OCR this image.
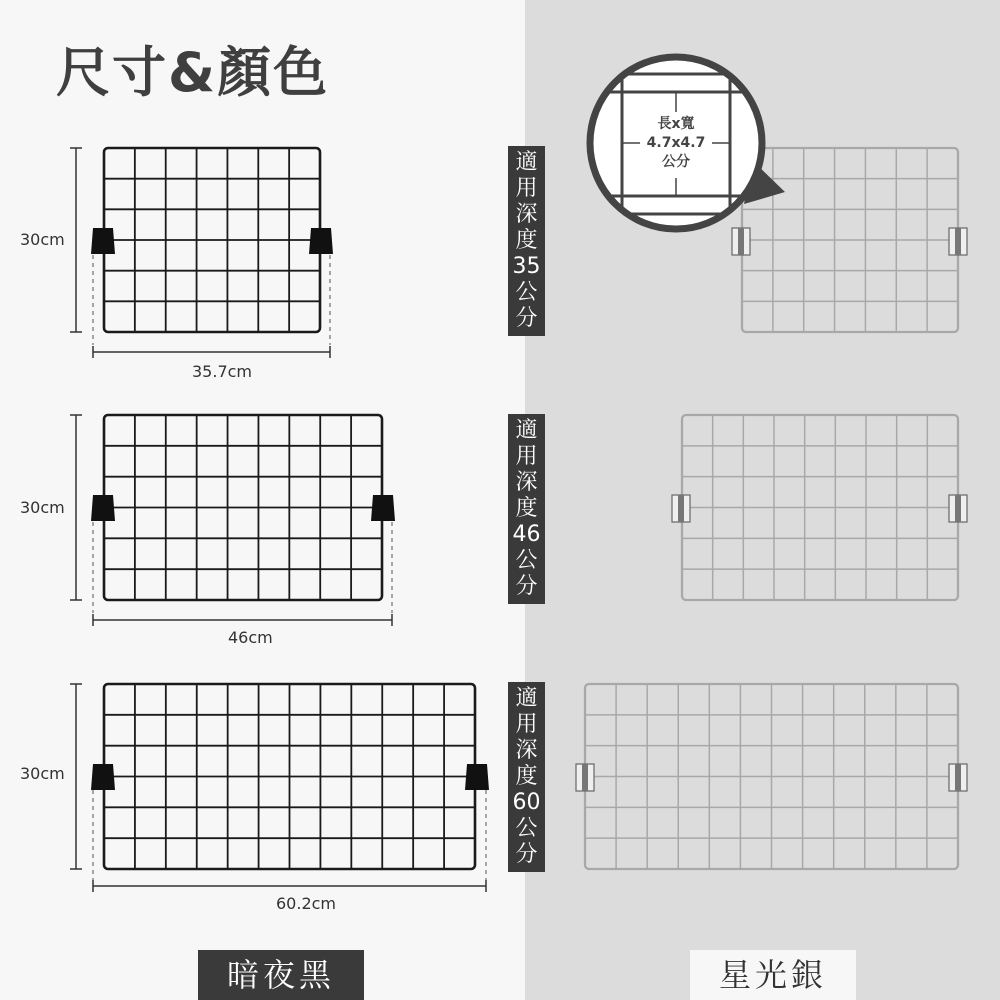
尺寸&顏色
30cm
35.7cm
30cm
46cm
30cm
60.2cm
適
用
深
度
35
公
分
適
用
深
度
46
公
分
適
用
深
度
60
公
分
長x寬
4.7x4.7
公分
暗夜黑	星光銀
